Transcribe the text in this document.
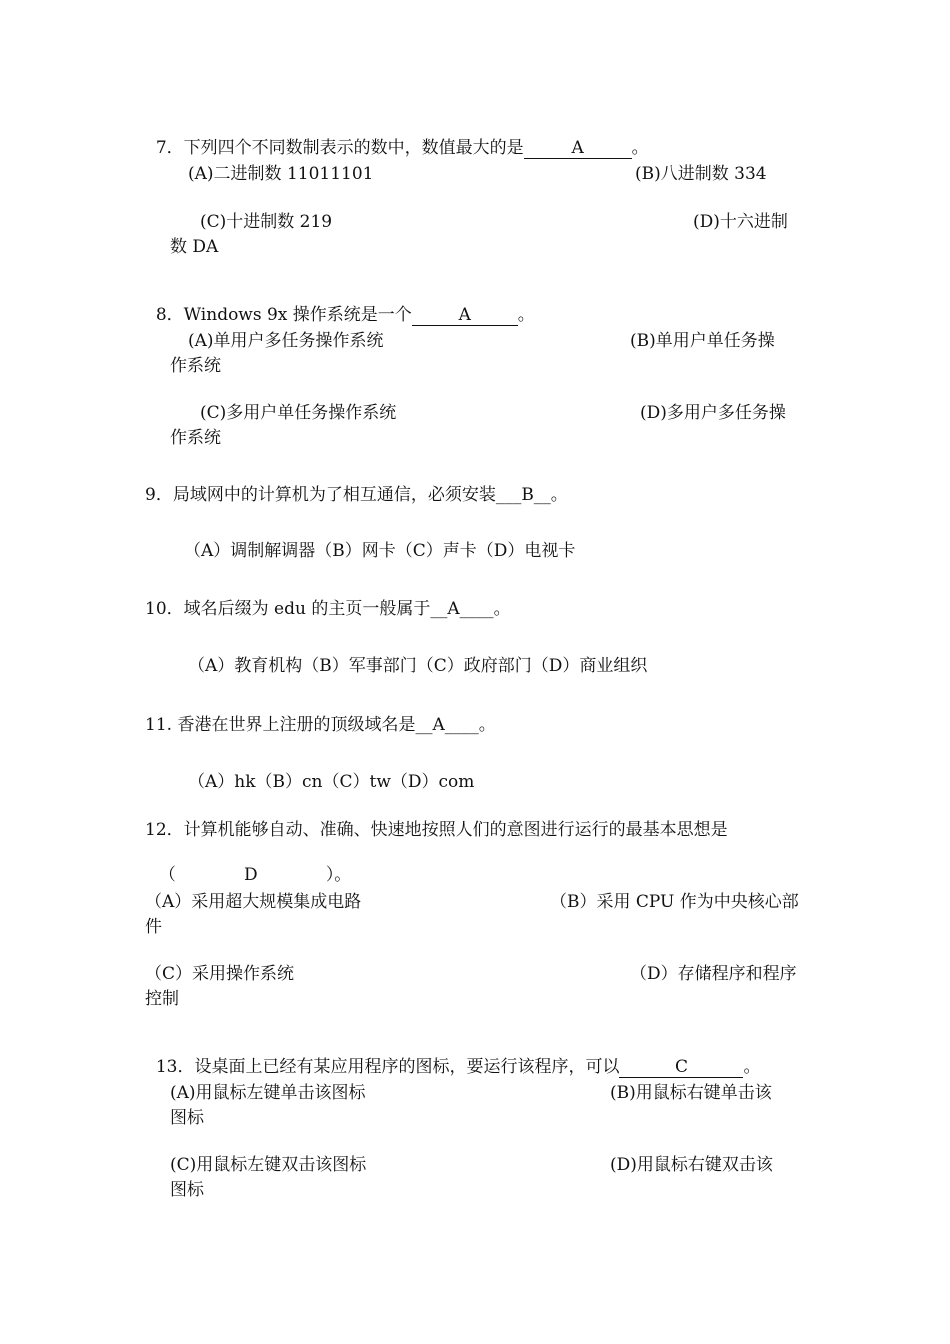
7．下列四个不同数制表示的数中，数值最大的是	A	。

(A)二进制数 11011101	(B)八进制数 334
(C)十进制数 219	(D)十六进制
数 DA

8．Windows 9x 操作系统是一个	A	。

(A)单用户多任务操作系统	(B)单用户单任务操
作系统
(C)多用户单任务操作系统	(D)多用户多任务操
作系统
9．局域网中的计算机为了相互通信，必须安装___B__。
（A）调制解调器（B）网卡（C）声卡（D）电视卡
10．域名后缀为 edu 的主页一般属于__A____。
（A）教育机构（B）军事部门（C）政府部门（D）商业组织
11. 香港在世界上注册的顶级域名是__A____。
（A）hk（B）cn（C）tw（D）com
12．计算机能够自动、准确、快速地按照人们的意图进行运行的最基本思想是

（	D	）。

（A）采用超大规模集成电路	（B）采用 CPU 作为中央核心部
件
（C）采用操作系统	（D）存储程序和程序
控制

13．设桌面上已经有某应用程序的图标，要运行该程序，可以	C	。

(A)用鼠标左键单击该图标	(B)用鼠标右键单击该
图标
(C)用鼠标左键双击该图标	(D)用鼠标右键双击该
图标
